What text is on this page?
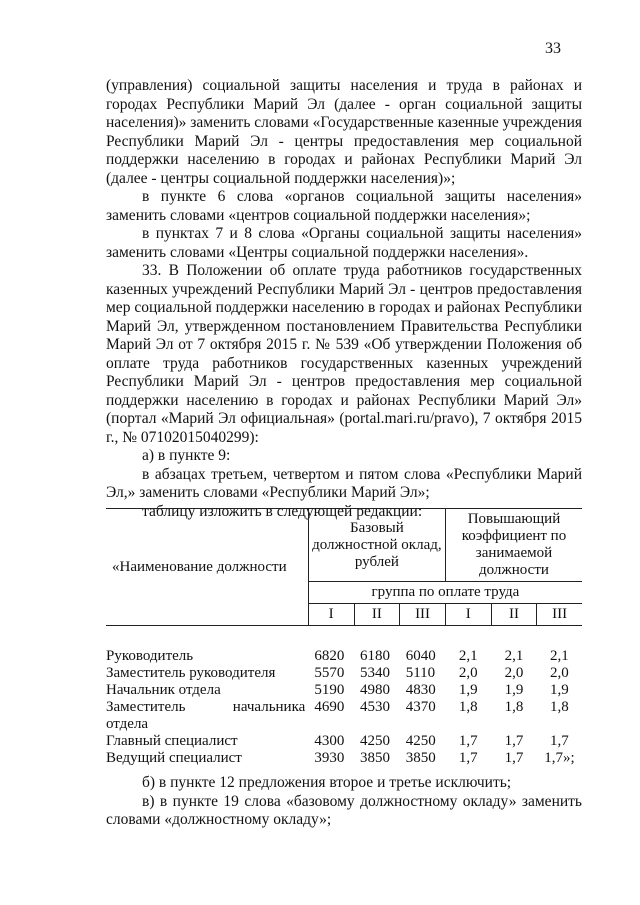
33

(управления) социальной защиты населения и труда в районах и городах Республики Марий Эл (далее - орган социальной защиты населения)» заменить словами «Государственные казенные учреждения Республики Марий Эл - центры предоставления мер социальной поддержки населению в городах и районах Республики Марий Эл (далее - центры социальной поддержки населения)»;

в пункте 6 слова «органов социальной защиты населения» заменить словами «центров социальной поддержки населения»;

в пунктах 7 и 8 слова «Органы социальной защиты населения» заменить словами «Центры социальной поддержки населения».

33. В Положении об оплате труда работников государственных казенных учреждений Республики Марий Эл - центров предоставления мер социальной поддержки населению в городах и районах Республики Марий Эл, утвержденном постановлением Правительства Республики Марий Эл от 7 октября 2015 г. № 539 «Об утверждении Положения об оплате труда работников государственных казенных учреждений Республики Марий Эл - центров предоставления мер социальной поддержки населению в городах и районах Республики Марий Эл» (портал «Марий Эл официальная» (portal.mari.ru/pravo), 7 октября 2015 г., № 07102015040299):

а) в пункте 9:

в абзацах третьем, четвертом и пятом слова «Республики Марий Эл,» заменить словами «Республики Марий Эл»;

таблицу изложить в следующей редакции:

«Наименование должности	Базовый должностной оклад, рублей			Повышающий коэффициент по занимаемой должности		
	группа по оплате труда					
	I	II	III	I	II	III

Руководитель	6820	6180	6040	2,1	2,1	2,1
Заместитель руководителя	5570	5340	5110	2,0	2,0	2,0
Начальник отдела	5190	4980	4830	1,9	1,9	1,9
Заместитель начальника отдела	4690	4530	4370	1,8	1,8	1,8
Главный специалист	4300	4250	4250	1,7	1,7	1,7
Ведущий специалист	3930	3850	3850	1,7	1,7	1,7»;

б) в пункте 12 предложения второе и третье исключить;

в) в пункте 19 слова «базовому должностному окладу» заменить словами «должностному окладу»;
